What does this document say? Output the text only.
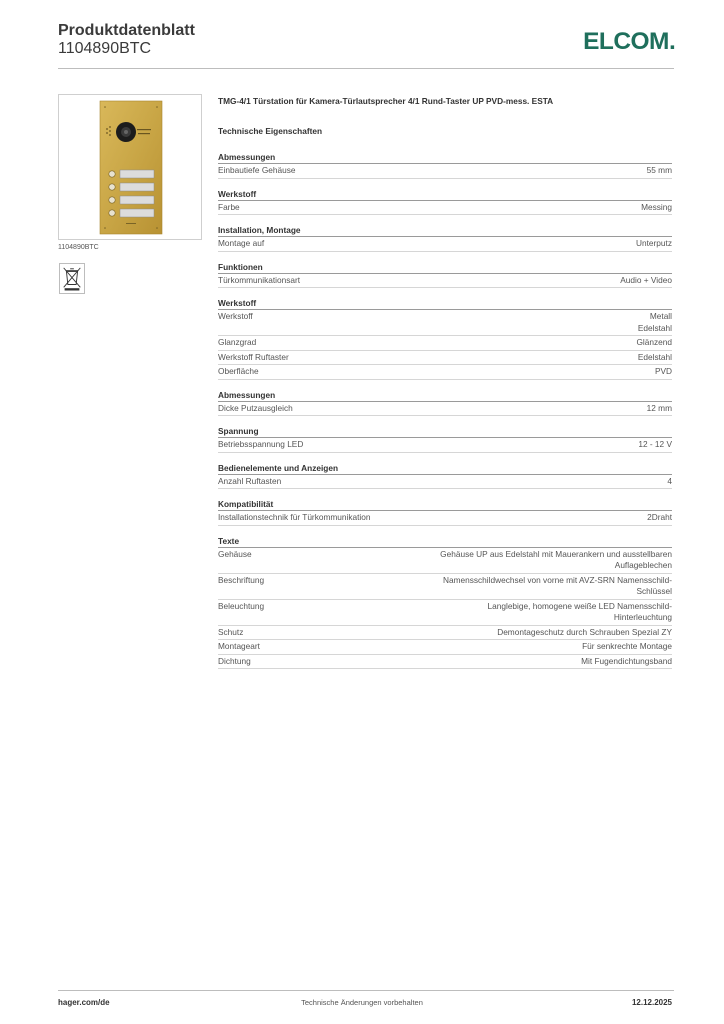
Produktdatenblatt
1104890BTC	ELCOM.
1104890BTC
TMG-4/1 Türstation für Kamera-Türlautsprecher 4/1 Rund-Taster UP PVD-mess. ESTA
Technische Eigenschaften
Abmessungen
Einbautiefe Gehäuse	55 mm
Werkstoff
Farbe	Messing
Installation, Montage
Montage auf	Unterputz
Funktionen
Türkommunikationsart	Audio + Video
Werkstoff
Werkstoff	Metall
Edelstahl
Glanzgrad	Glänzend
Werkstoff Ruftaster	Edelstahl
Oberfläche	PVD
Abmessungen
Dicke Putzausgleich	12 mm
Spannung
Betriebsspannung LED	12 - 12 V
Bedienelemente und Anzeigen
Anzahl Ruftasten	4
Kompatibilität
Installationstechnik für Türkommunikation	2Draht
Texte
Gehäuse	Gehäuse UP aus Edelstahl mit Mauerankern und ausstellbaren
Auflageblechen
Beschriftung	Namensschildwechsel von vorne mit AVZ-SRN Namensschild-
Schlüssel
Beleuchtung	Langlebige, homogene weiße LED Namensschild-
Hinterleuchtung
Schutz	Demontageschutz durch Schrauben Spezial ZY
Montageart	Für senkrechte Montage
Dichtung	Mit Fugendichtungsband
hager.com/de	Technische Änderungen vorbehalten	12.12.2025
